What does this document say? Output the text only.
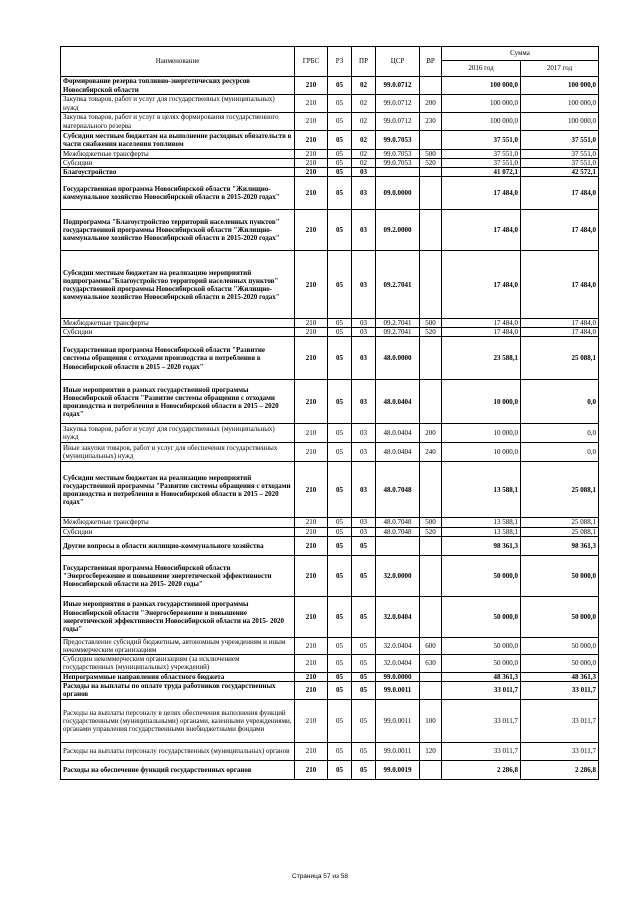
Наименование	ГРБС	РЗ	ПР	ЦСР	ВР	Сумма	
						2016 год	2017 год
Формирование резерва топливно-энергетических ресурсов Новосибирской области	210	05	02	99.0.0712		100 000,0	100 000,0
Закупка товаров, работ и услуг для государственных (муниципальных) нужд	210	05	02	99.0.0712	200	100 000,0	100 000,0
Закупка товаров, работ и услуг в целях формирования государственного материального резерва	210	05	02	99.0.0712	230	100 000,0	100 000,0
Субсидии местным бюджетам на выполнение расходных обязательств в части снабжения населения топливом	210	05	02	99.0.7053		37 551,0	37 551,0
Межбюджетные трансферты	210	05	02	99.0.7053	500	37 551,0	37 551,0
Субсидии	210	05	02	99.0.7053	520	37 551,0	37 551,0
Благоустройство	210	05	03			41 072,1	42 572,1
Государственная программа Новосибирской области "Жилищно-коммунальное хозяйство Новосибирской области в 2015-2020 годах"	210	05	03	09.0.0000		17 484,0	17 484,0
Подпрограмма "Благоустройство территорий населенных пунктов" государственной программы Новосибирской области "Жилищно-коммунальное хозяйство Новосибирской области в 2015-2020 годах"	210	05	03	09.2.0000		17 484,0	17 484,0
Субсидии местным бюджетам на реализацию мероприятий подпрограммы"Благоустройство территорий населенных пунктов" государственной программы Новосибирской области "Жилищно-коммунальное хозяйство Новосибирской области в 2015-2020 годах"	210	05	03	09.2.7041		17 484,0	17 484,0
Межбюджетные трансферты	210	05	03	09.2.7041	500	17 484,0	17 484,0
Субсидии	210	05	03	09.2.7041	520	17 484,0	17 484,0
Государственная программа Новосибирской области "Развитие системы обращения с отходами производства и потребления в Новосибирской области в 2015 – 2020 годах"	210	05	03	48.0.0000		23 588,1	25 088,1
Иные мероприятия в рамках государственной программы Новосибирской области "Развитие системы обращения с отходами производства и потребления в Новосибирской области в 2015 – 2020 годах"	210	05	03	48.0.0404		10 000,0	0,0
Закупка товаров, работ и услуг для государственных (муниципальных) нужд	210	05	03	48.0.0404	200	10 000,0	0,0
Иные закупки товаров, работ и услуг для обеспечения государственных (муниципальных) нужд	210	05	03	48.0.0404	240	10 000,0	0,0
Субсидии местным бюджетам на реализацию мероприятий государственной программы "Развитие системы обращения с отходами производства и потребления в Новосибирской области в 2015 – 2020 годах"	210	05	03	48.0.7048		13 588,1	25 088,1
Межбюджетные трансферты	210	05	03	48.0.7048	500	13 588,1	25 088,1
Субсидии	210	05	03	48.0.7048	520	13 588,1	25 088,1
Другие вопросы в области жилищно-коммунального хозяйства	210	05	05			98 361,3	98 361,3
Государственная программа Новосибирской области "Энергосбережение и повышение энергетической эффективности Новосибирской области на 2015- 2020 годы"	210	05	05	32.0.0000		50 000,0	50 000,0
Иные мероприятия в рамках государственной программы Новосибирской области "Энергосбережение и повышение энергетической эффективности Новосибирской области на 2015- 2020 годы"	210	05	05	32.0.0404		50 000,0	50 000,0
Предоставление субсидий бюджетным, автономным учреждениям и иным некоммерческим организациям	210	05	05	32.0.0404	600	50 000,0	50 000,0
Субсидии некоммерческим организациям (за исключением государственных (муниципальных) учреждений)	210	05	05	32.0.0404	630	50 000,0	50 000,0
Непрограммные направления областного бюджета	210	05	05	99.0.0000		48 361,3	48 361,3
Расходы на выплаты по оплате труда работников государственных органов	210	05	05	99.0.0011		33 011,7	33 011,7
Расходы на выплаты персоналу в целях обеспечения выполнения функций государственными (муниципальными) органами, казенными учреждениями, органами управления государственными внебюджетными фондами	210	05	05	99.0.0011	100	33 011,7	33 011,7
Расходы на выплаты персоналу государственных (муниципальных) органов	210	05	05	99.0.0011	120	33 011,7	33 011,7
Расходы на обеспечение функций государственных органов	210	05	05	99.0.0019		2 286,8	2 286,8
Страница 57 из 58
